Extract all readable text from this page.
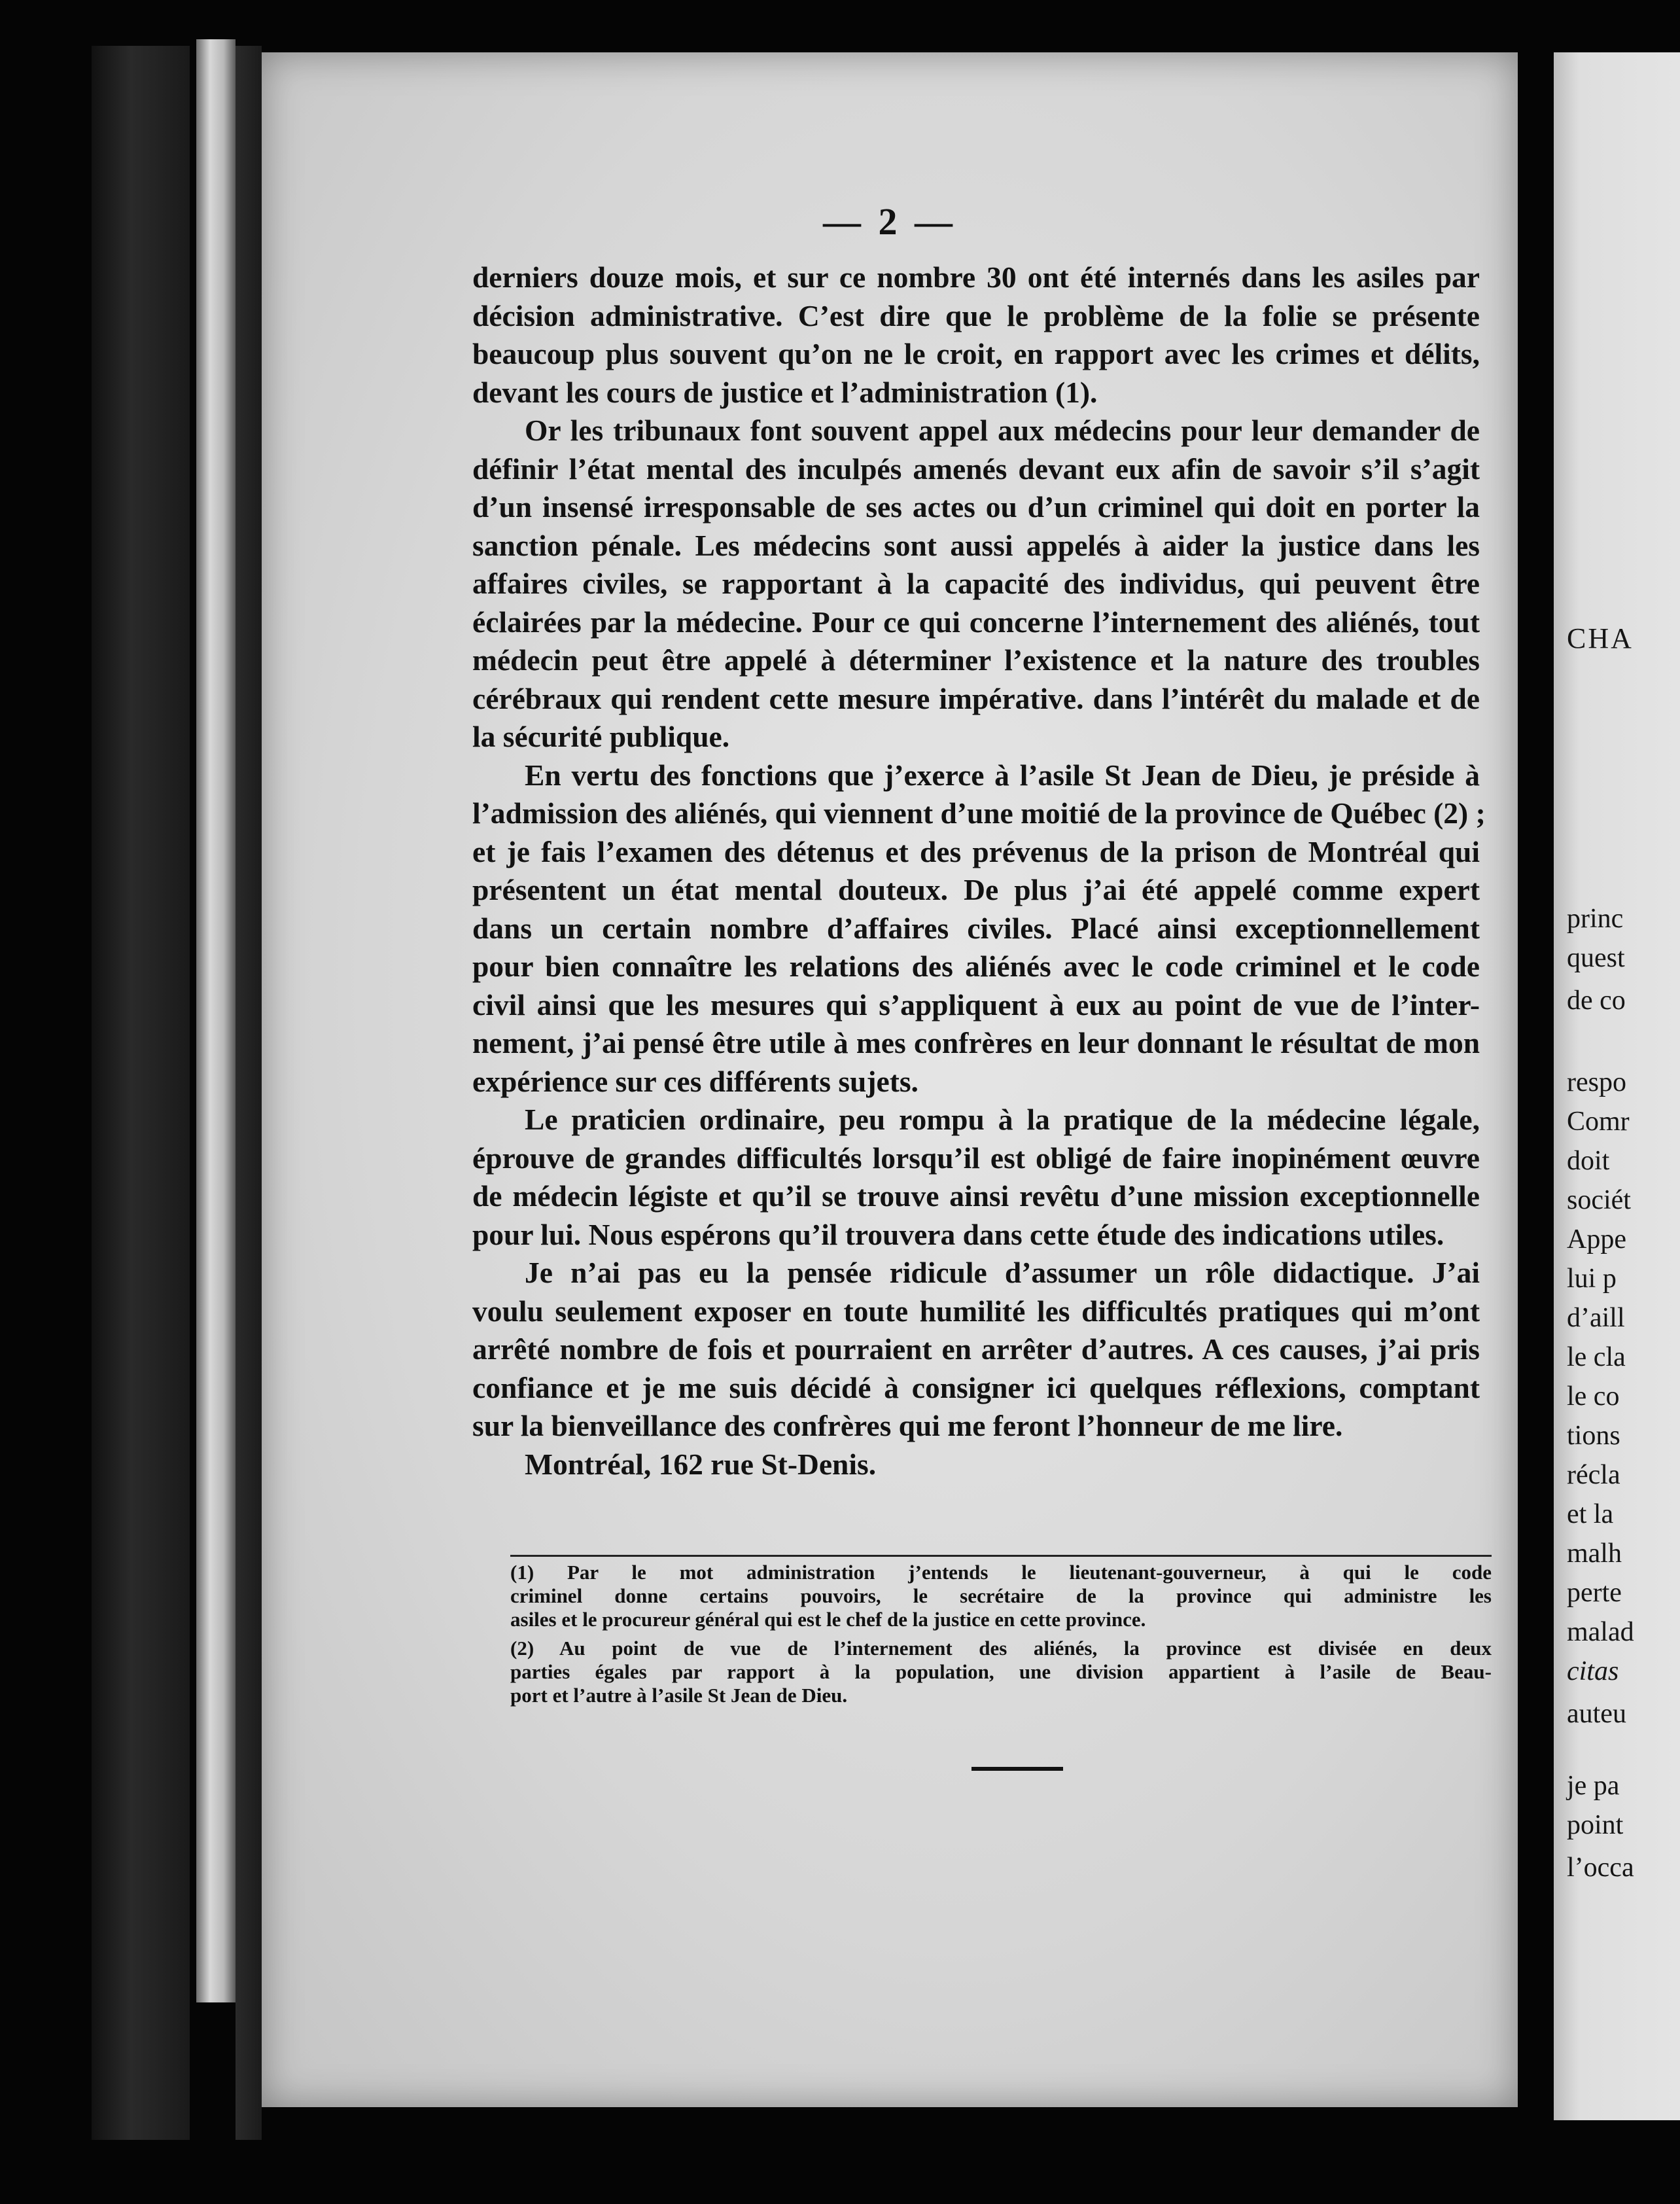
— 2 —

derniers douze mois, et sur ce nombre 30 ont été internés dans les asiles par
décision administrative. C’est dire que le problème de la folie se présente
beaucoup plus souvent qu’on ne le croit, en rapport avec les crimes et délits,
devant les cours de justice et l’administration (1).

Or les tribunaux font souvent appel aux médecins pour leur demander de
définir l’état mental des inculpés amenés devant eux afin de savoir s’il s’agit
d’un insensé irresponsable de ses actes ou d’un criminel qui doit en porter la
sanction pénale. Les médecins sont aussi appelés à aider la justice dans les
affaires civiles, se rapportant à la capacité des individus, qui peuvent être
éclairées par la médecine. Pour ce qui concerne l’internement des aliénés, tout
médecin peut être appelé à déterminer l’existence et la nature des troubles
cérébraux qui rendent cette mesure impérative. dans l’intérêt du malade et de
la sécurité publique.

En vertu des fonctions que j’exerce à l’asile St Jean de Dieu, je préside à
l’admission des aliénés, qui viennent d’une moitié de la province de Québec (2) ;
et je fais l’examen des détenus et des prévenus de la prison de Montréal qui
présentent un état mental douteux. De plus j’ai été appelé comme expert
dans un certain nombre d’affaires civiles. Placé ainsi exceptionnellement
pour bien connaître les relations des aliénés avec le code criminel et le code
civil ainsi que les mesures qui s’appliquent à eux au point de vue de l’inter-
nement, j’ai pensé être utile à mes confrères en leur donnant le résultat de mon
expérience sur ces différents sujets.

Le praticien ordinaire, peu rompu à la pratique de la médecine légale,
éprouve de grandes difficultés lorsqu’il est obligé de faire inopinément œuvre
de médecin légiste et qu’il se trouve ainsi revêtu d’une mission exceptionnelle
pour lui. Nous espérons qu’il trouvera dans cette étude des indications utiles.

Je n’ai pas eu la pensée ridicule d’assumer un rôle didactique. J’ai
voulu seulement exposer en toute humilité les difficultés pratiques qui m’ont
arrêté nombre de fois et pourraient en arrêter d’autres. A ces causes, j’ai pris
confiance et je me suis décidé à consigner ici quelques réflexions, comptant
sur la bienveillance des confrères qui me feront l’honneur de me lire.

Montréal, 162 rue St-Denis.
(1) Par le mot administration j’entends le lieutenant-gouverneur, à qui le code
criminel donne certains pouvoirs, le secrétaire de la province qui administre les
asiles et le procureur général qui est le chef de la justice en cette province.
(2) Au point de vue de l’internement des aliénés, la province est divisée en deux
parties égales par rapport à la population, une division appartient à l’asile de Beau-
port et l’autre à l’asile St Jean de Dieu.
CHA
princ
quest
de co
respo
Comr
doit
sociét
Appe
lui p
d’aill
le cla
le co
tions
récla
et la
malh
perte
malad
citas
auteu
je pa
point
l’occa
